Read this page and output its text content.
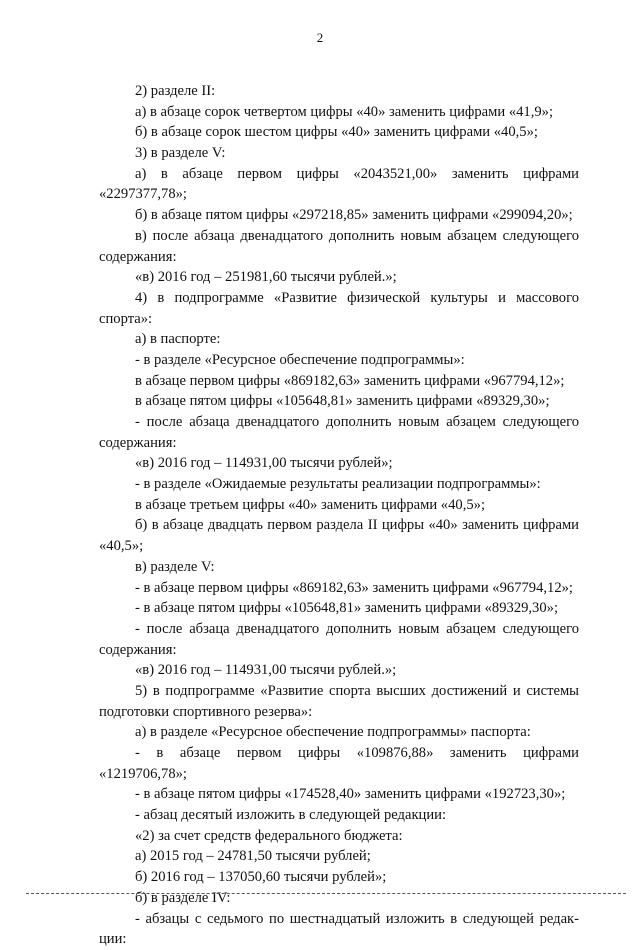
2
2) разделе II:
а) в абзаце сорок четвертом цифры «40» заменить цифрами «41,9»;
б) в абзаце сорок шестом цифры «40» заменить цифрами «40,5»;
3) в разделе V:
а) в абзаце первом цифры «2043521,00» заменить цифрами
«2297377,78»;
б) в абзаце пятом цифры «297218,85» заменить цифрами «299094,20»;
в) после абзаца двенадцатого дополнить новым абзацем следующего
содержания:
«в) 2016 год – 251981,60 тысячи рублей.»;
4) в подпрограмме «Развитие физической культуры и массового
спорта»:
а) в паспорте:
- в разделе «Ресурсное обеспечение подпрограммы»:
в абзаце первом цифры «869182,63» заменить цифрами «967794,12»;
в абзаце пятом цифры «105648,81» заменить цифрами «89329,30»;
- после абзаца двенадцатого дополнить новым абзацем следующего
содержания:
«в) 2016 год – 114931,00 тысячи рублей»;
- в разделе «Ожидаемые результаты реализации подпрограммы»:
в абзаце третьем цифры «40» заменить цифрами «40,5»;
б) в абзаце двадцать первом раздела II цифры «40» заменить цифрами
«40,5»;
в) разделе V:
- в абзаце первом цифры «869182,63» заменить цифрами «967794,12»;
- в абзаце пятом цифры «105648,81» заменить цифрами «89329,30»;
- после абзаца двенадцатого дополнить новым абзацем следующего
содержания:
«в) 2016 год – 114931,00 тысячи рублей.»;
5) в подпрограмме «Развитие спорта высших достижений и системы
подготовки спортивного резерва»:
а) в разделе «Ресурсное обеспечение подпрограммы» паспорта:
- в абзаце первом цифры «109876,88» заменить цифрами
«1219706,78»;
- в абзаце пятом цифры «174528,40» заменить цифрами «192723,30»;
- абзац десятый изложить в следующей редакции:
«2) за счет средств федерального бюджета:
а) 2015 год – 24781,50 тысячи рублей;
б) 2016 год – 137050,60 тысячи рублей»;
б) в разделе IV:
- абзацы с седьмого по шестнадцатый изложить в следующей редак-
ции:
